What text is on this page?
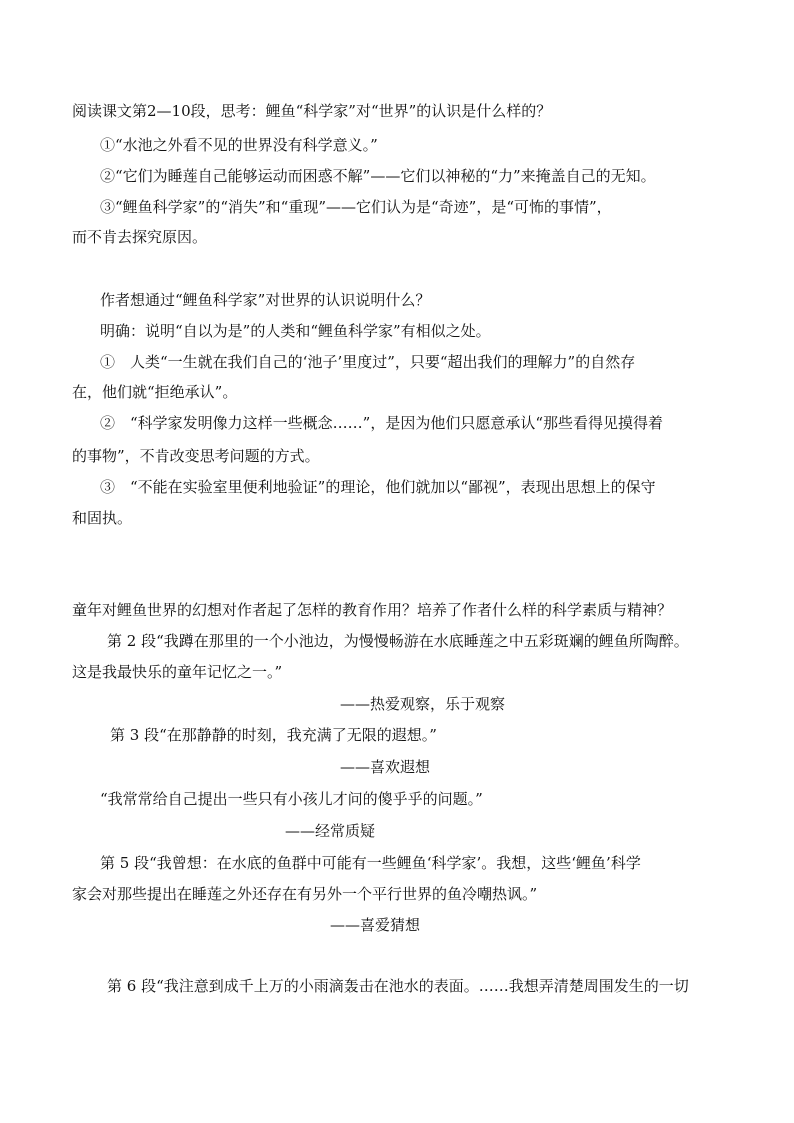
阅读课文第2—10段，思考：鲤鱼“科学家”对“世界”的认识是什么样的？
①“水池之外看不见的世界没有科学意义。”
②“它们为睡莲自己能够运动而困惑不解”——它们以神秘的“力”来掩盖自己的无知。
③“鲤鱼科学家”的“消失”和“重现”——它们认为是“奇迹”，是“可怖的事情”，
而不肯去探究原因。
作者想通过“鲤鱼科学家”对世界的认识说明什么？
明确：说明“自以为是”的人类和“鲤鱼科学家”有相似之处。
①　人类“一生就在我们自己的‘池子’里度过”，只要“超出我们的理解力”的自然存
在，他们就“拒绝承认”。
②　“科学家发明像力这样一些概念……”，是因为他们只愿意承认“那些看得见摸得着
的事物”，不肯改变思考问题的方式。
③　“不能在实验室里便利地验证”的理论，他们就加以“鄙视”，表现出思想上的保守
和固执。
童年对鲤鱼世界的幻想对作者起了怎样的教育作用？培养了作者什么样的科学素质与精神？
第 2 段“我蹲在那里的一个小池边，为慢慢畅游在水底睡莲之中五彩斑斓的鲤鱼所陶醉。
这是我最快乐的童年记忆之一。”
——热爱观察，乐于观察
第 3 段“在那静静的时刻，我充满了无限的遐想。”
——喜欢遐想
“我常常给自己提出一些只有小孩儿才问的傻乎乎的问题。”
——经常质疑
第 5 段“我曾想：在水底的鱼群中可能有一些鲤鱼‘科学家’。我想，这些‘鲤鱼’科学
家会对那些提出在睡莲之外还存在有另外一个平行世界的鱼冷嘲热讽。”
——喜爱猜想
第 6 段“我注意到成千上万的小雨滴轰击在池水的表面。……我想弄清楚周围发生的一切
